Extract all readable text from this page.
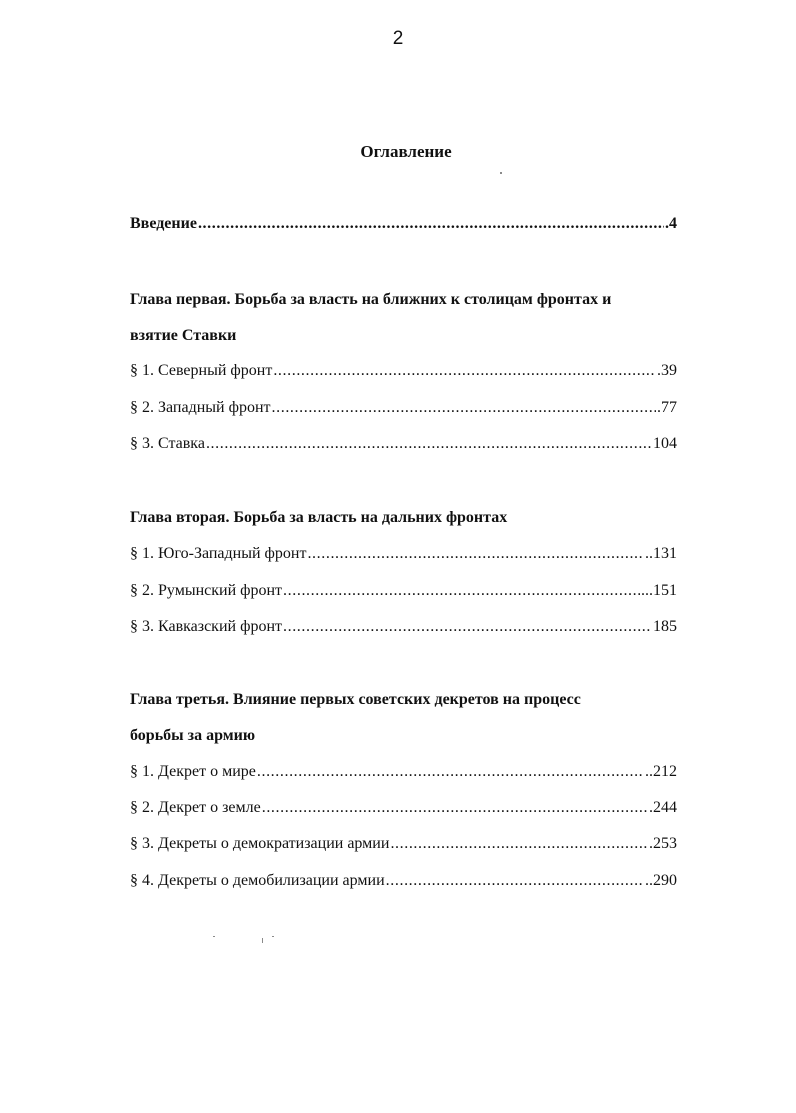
2
Оглавление
Введение .....	.4
Глава первая. Борьба за власть на ближних к столицам фронтах и
взятие Ставки
§ 1. Северный фронт .....	.39
§ 2. Западный фронт .....	.77
§ 3. Ставка .....	104
Глава вторая. Борьба за власть на дальних фронтах
§ 1. Юго-Западный фронт .....	..131
§ 2. Румынский фронт .....	...151
§ 3. Кавказский фронт .....	185
Глава третья. Влияние первых советских декретов на процесс
борьбы за армию
§ 1. Декрет о мире .....	..212
§ 2. Декрет о земле .....	.244
§ 3. Декреты о демократизации армии .....	.253
§ 4. Декреты о демобилизации армии .....	..290
